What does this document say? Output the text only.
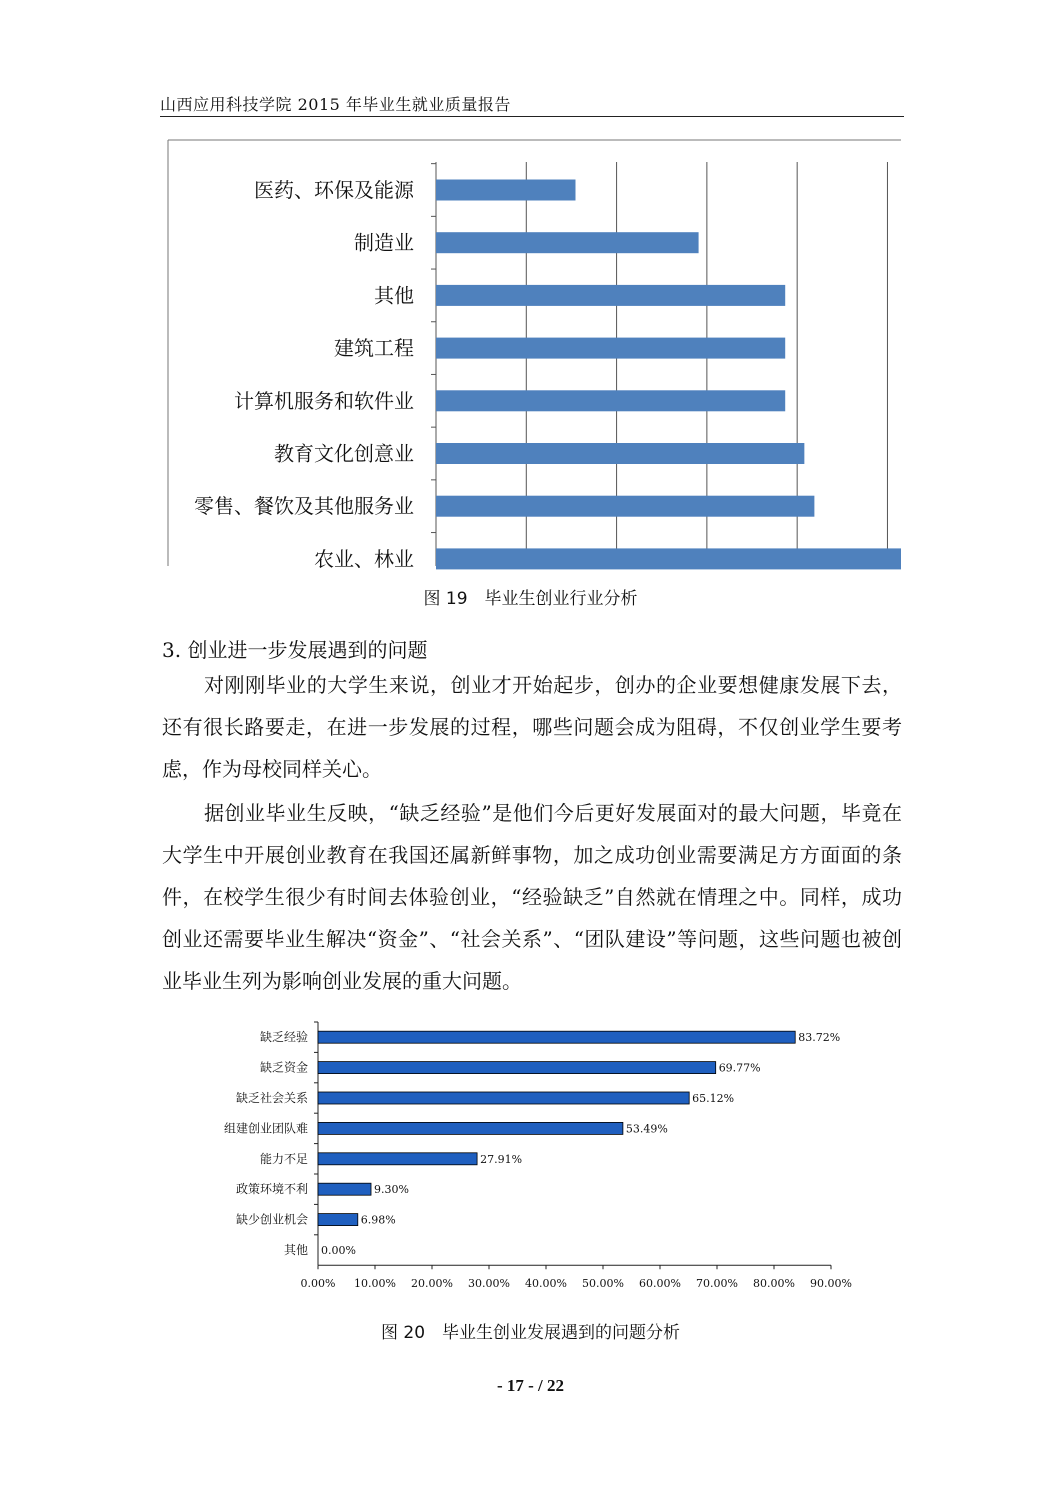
山西应用科技学院 2015 年毕业生就业质量报告
医药、环保及能源
制造业
其他
建筑工程
计算机服务和软件业
教育文化创意业
零售、餐饮及其他服务业
农业、林业
图 19　毕业生创业行业分析
3. 创业进一步发展遇到的问题

对刚刚毕业的大学生来说，创业才开始起步，创办的企业要想健康发展下去，还有很长路要走，在进一步发展的过程，哪些问题会成为阻碍，不仅创业学生要考虑，作为母校同样关心。

据创业毕业生反映，“缺乏经验”是他们今后更好发展面对的最大问题，毕竟在大学生中开展创业教育在我国还属新鲜事物，加之成功创业需要满足方方面面的条件，在校学生很少有时间去体验创业，“经验缺乏”自然就在情理之中。同样，成功创业还需要毕业生解决“资金”、“社会关系”、“团队建设”等问题，这些问题也被创业毕业生列为影响创业发展的重大问题。

0.00% 10.00% 20.00% 30.00% 40.00% 50.00% 60.00% 70.00% 80.00% 90.00%
缺乏经验	83.72%
缺乏资金	69.77%
缺乏社会关系	65.12%
组建创业团队难	53.49%
能力不足	27.91%
政策环境不利	9.30%
缺少创业机会	6.98%
其他 0.00%
图 20　毕业生创业发展遇到的问题分析
- 17 - / 22
